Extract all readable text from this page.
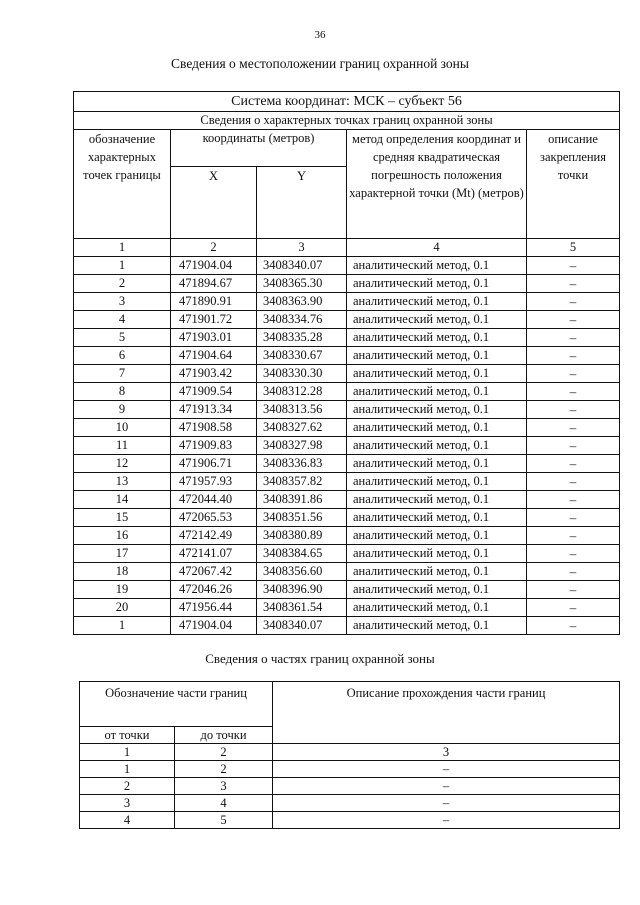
36
Сведения о местоположении границ охранной зоны
Система координат: МСК – субъект 56				
Сведения о характерных точках границ охранной зоны				
обозначение характерных точек границы	координаты (метров)		метод определения координат и средняя квадратическая погрешность положения характерной точки (Mt) (метров)	описание закрепления точки
	X	Y		
1	2	3	4	5
1	471904.04	3408340.07	аналитический метод, 0.1	–
2	471894.67	3408365.30	аналитический метод, 0.1	–
3	471890.91	3408363.90	аналитический метод, 0.1	–
4	471901.72	3408334.76	аналитический метод, 0.1	–
5	471903.01	3408335.28	аналитический метод, 0.1	–
6	471904.64	3408330.67	аналитический метод, 0.1	–
7	471903.42	3408330.30	аналитический метод, 0.1	–
8	471909.54	3408312.28	аналитический метод, 0.1	–
9	471913.34	3408313.56	аналитический метод, 0.1	–
10	471908.58	3408327.62	аналитический метод, 0.1	–
11	471909.83	3408327.98	аналитический метод, 0.1	–
12	471906.71	3408336.83	аналитический метод, 0.1	–
13	471957.93	3408357.82	аналитический метод, 0.1	–
14	472044.40	3408391.86	аналитический метод, 0.1	–
15	472065.53	3408351.56	аналитический метод, 0.1	–
16	472142.49	3408380.89	аналитический метод, 0.1	–
17	472141.07	3408384.65	аналитический метод, 0.1	–
18	472067.42	3408356.60	аналитический метод, 0.1	–
19	472046.26	3408396.90	аналитический метод, 0.1	–
20	471956.44	3408361.54	аналитический метод, 0.1	–
1	471904.04	3408340.07	аналитический метод, 0.1	–
Сведения о частях границ охранной зоны
Обозначение части границ		Описание прохождения части границ
от точки	до точки	
1	2	3
1	2	–
2	3	–
3	4	–
4	5	–
